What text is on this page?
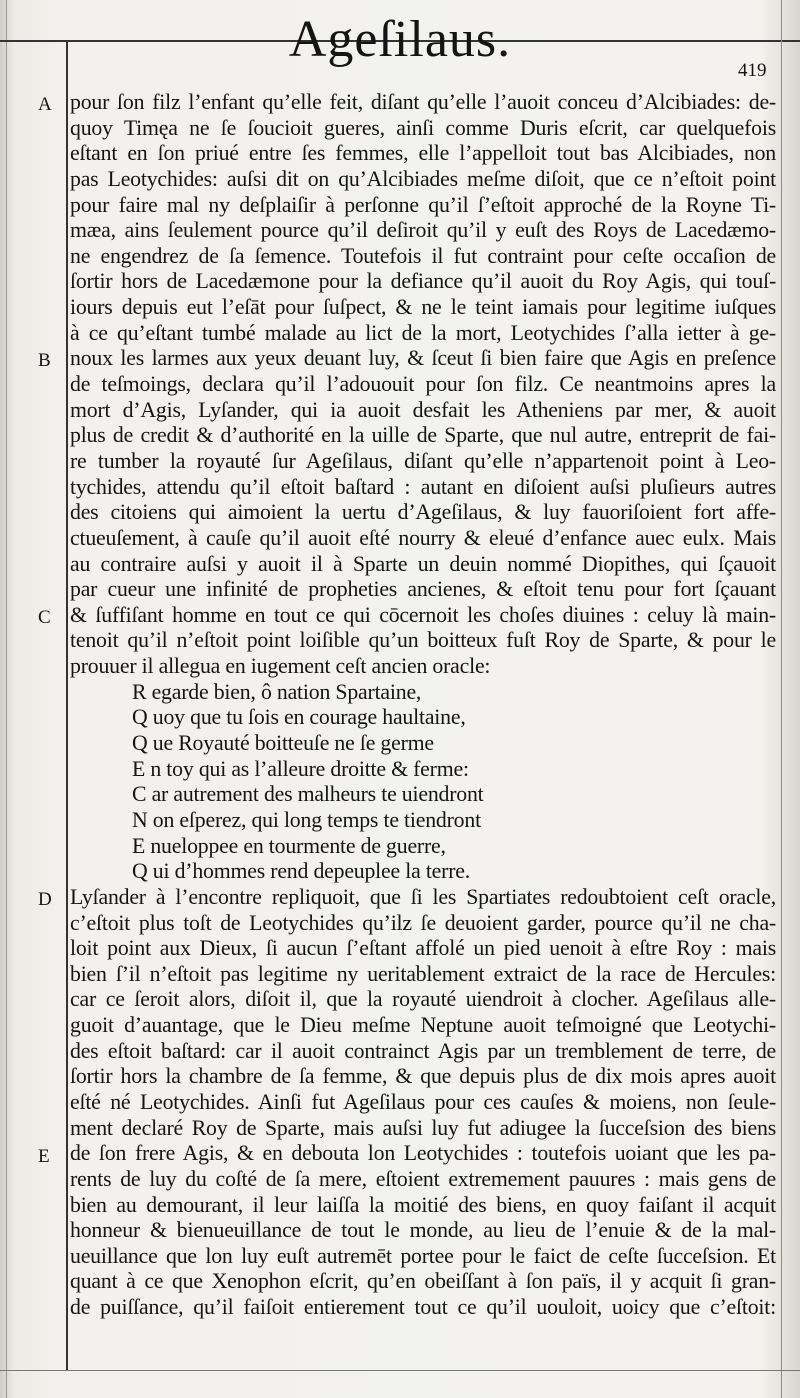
Ageſilaus.
419
A
B
C
D
E
pour ſon filz l’enfant qu’elle feit, diſant qu’elle l’auoit conceu d’Alcibiades: de-
quoy Timęa ne ſe ſoucioit gueres, ainſi comme Duris eſcrit, car quelquefois
eſtant en ſon priué entre ſes femmes, elle l’appelloit tout bas Alcibiades, non
pas Leotychides: auſsi dit on qu’Alcibiades meſme diſoit, que ce n’eſtoit point
pour faire mal ny deſplaiſir à perſonne qu’il ſ’eſtoit approché de la Royne Ti-
mæa, ains ſeulement pource qu’il deſiroit qu’il y euſt des Roys de Lacedæmo-
ne engendrez de ſa ſemence. Toutefois il fut contraint pour ceſte occaſion de
ſortir hors de Lacedæmone pour la defiance qu’il auoit du Roy Agis, qui touſ-
iours depuis eut l’eſāt pour ſuſpect, & ne le teint iamais pour legitime iuſques
à ce qu’eſtant tumbé malade au lict de la mort, Leotychides ſ’alla ietter à ge-
noux les larmes aux yeux deuant luy, & ſceut ſi bien faire que Agis en preſence
de teſmoings, declara qu’il l’adououit pour ſon filz. Ce neantmoins apres la
mort d’Agis, Lyſander, qui ia auoit desfait les Atheniens par mer, & auoit
plus de credit & d’authorité en la uille de Sparte, que nul autre, entreprit de fai-
re tumber la royauté ſur Ageſilaus, diſant qu’elle n’appartenoit point à Leo-
tychides, attendu qu’il eſtoit baſtard : autant en diſoient auſsi pluſieurs autres
des citoiens qui aimoient la uertu d’Ageſilaus, & luy fauoriſoient fort affe-
ctueuſement, à cauſe qu’il auoit eſté nourry & eleué d’enfance auec eulx. Mais
au contraire auſsi y auoit il à Sparte un deuin nommé Diopithes, qui ſçauoit
par cueur une infinité de propheties ancienes, & eſtoit tenu pour fort ſçauant
& ſuffiſant homme en tout ce qui cōcernoit les choſes diuines : celuy là main-
tenoit qu’il n’eſtoit point loiſible qu’un boitteux fuſt Roy de Sparte, & pour le
prouuer il allegua en iugement ceſt ancien oracle:
R egarde bien, ô nation Spartaine,
Q uoy que tu ſois en courage haultaine,
Q ue Royauté boitteuſe ne ſe germe
E n toy qui as l’alleure droitte & ferme:
C ar autrement des malheurs te uiendront
N on eſperez, qui long temps te tiendront
E nueloppee en tourmente de guerre,
Q ui d’hommes rend depeuplee la terre.
Lyſander à l’encontre repliquoit, que ſi les Spartiates redoubtoient ceſt oracle,
c’eſtoit plus toſt de Leotychides qu’ilz ſe deuoient garder, pource qu’il ne cha-
loit point aux Dieux, ſi aucun ſ’eſtant affolé un pied uenoit à eſtre Roy : mais
bien ſ’il n’eſtoit pas legitime ny ueritablement extraict de la race de Hercules:
car ce ſeroit alors, diſoit il, que la royauté uiendroit à clocher. Ageſilaus alle-
guoit d’auantage, que le Dieu meſme Neptune auoit teſmoigné que Leotychi-
des eſtoit baſtard: car il auoit contrainct Agis par un tremblement de terre, de
ſortir hors la chambre de ſa femme, & que depuis plus de dix mois apres auoit
eſté né Leotychides. Ainſi fut Ageſilaus pour ces cauſes & moiens, non ſeule-
ment declaré Roy de Sparte, mais auſsi luy fut adiugee la ſucceſsion des biens
de ſon frere Agis, & en debouta lon Leotychides : toutefois uoiant que les pa-
rents de luy du coſté de ſa mere, eſtoient extremement pauures : mais gens de
bien au demourant, il leur laiſſa la moitié des biens, en quoy faiſant il acquit
honneur & bienueuillance de tout le monde, au lieu de l’enuie & de la mal-
ueuillance que lon luy euſt autremēt portee pour le faict de ceſte ſucceſsion. Et
quant à ce que Xenophon eſcrit, qu’en obeiſſant à ſon païs, il y acquit ſi gran-
de puiſſance, qu’il faiſoit entierement tout ce qu’il uouloit, uoicy que c’eſtoit:
